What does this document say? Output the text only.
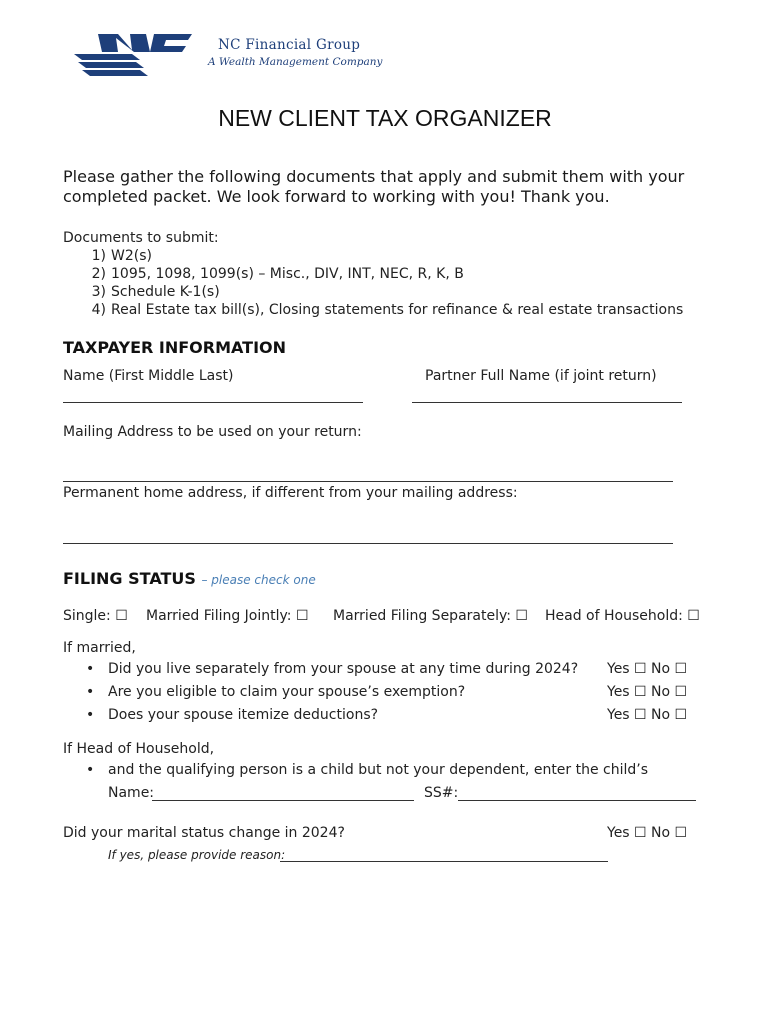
NC Financial Group
A Wealth Management Company
NEW CLIENT TAX ORGANIZER
Please gather the following documents that apply and submit them with your
completed packet. We look forward to working with you! Thank you.
Documents to submit:
1) W2(s)
2) 1095, 1098, 1099(s) – Misc., DIV, INT, NEC, R, K, B
3) Schedule K-1(s)
4) Real Estate tax bill(s), Closing statements for refinance & real estate transactions
TAXPAYER INFORMATION
Name (First Middle Last)	Partner Full Name (if joint return)
Mailing Address to be used on your return:
Permanent home address, if different from your mailing address:
FILING STATUS – please check one
Single: ☐ Married Filing Jointly: ☐ Married Filing Separately: ☐ Head of Household: ☐
If married,
• Did you live separately from your spouse at any time during 2024? Yes ☐ No ☐
• Are you eligible to claim your spouse’s exemption?	Yes ☐ No ☐
• Does your spouse itemize deductions?	Yes ☐ No ☐
If Head of Household,
• and the qualifying person is a child but not your dependent, enter the child’s
Name:	SS#:
Did your marital status change in 2024?	Yes ☐ No ☐
If yes, please provide reason:
